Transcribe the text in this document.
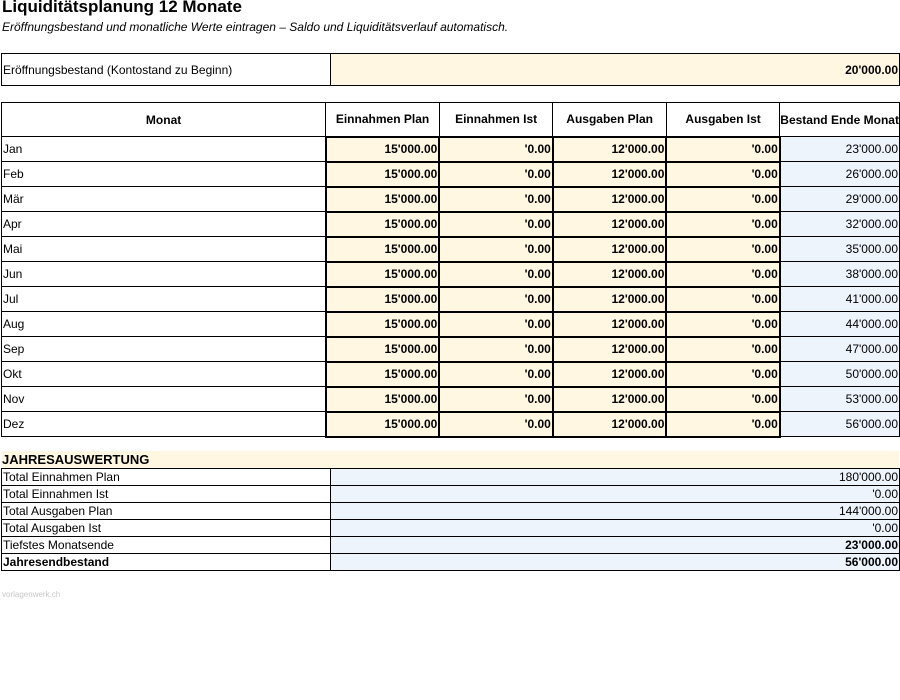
Liquiditätsplanung 12 Monate
Eröffnungsbestand und monatliche Werte eintragen – Saldo und Liquiditätsverlauf automatisch.
Eröffnungsbestand (Kontostand zu Beginn)	20'000.00
Monat	Einnahmen Plan	Einnahmen Ist	Ausgaben Plan	Ausgaben Ist	Bestand Ende Monat
Jan	15'000.00	'0.00	12'000.00	'0.00	23'000.00
Feb	15'000.00	'0.00	12'000.00	'0.00	26'000.00
Mär	15'000.00	'0.00	12'000.00	'0.00	29'000.00
Apr	15'000.00	'0.00	12'000.00	'0.00	32'000.00
Mai	15'000.00	'0.00	12'000.00	'0.00	35'000.00
Jun	15'000.00	'0.00	12'000.00	'0.00	38'000.00
Jul	15'000.00	'0.00	12'000.00	'0.00	41'000.00
Aug	15'000.00	'0.00	12'000.00	'0.00	44'000.00
Sep	15'000.00	'0.00	12'000.00	'0.00	47'000.00
Okt	15'000.00	'0.00	12'000.00	'0.00	50'000.00
Nov	15'000.00	'0.00	12'000.00	'0.00	53'000.00
Dez	15'000.00	'0.00	12'000.00	'0.00	56'000.00
JAHRESAUSWERTUNG
Total Einnahmen Plan	180'000.00
Total Einnahmen Ist	'0.00
Total Ausgaben Plan	144'000.00
Total Ausgaben Ist	'0.00
Tiefstes Monatsende	23'000.00
Jahresendbestand	56'000.00
vorlagenwerk.ch
